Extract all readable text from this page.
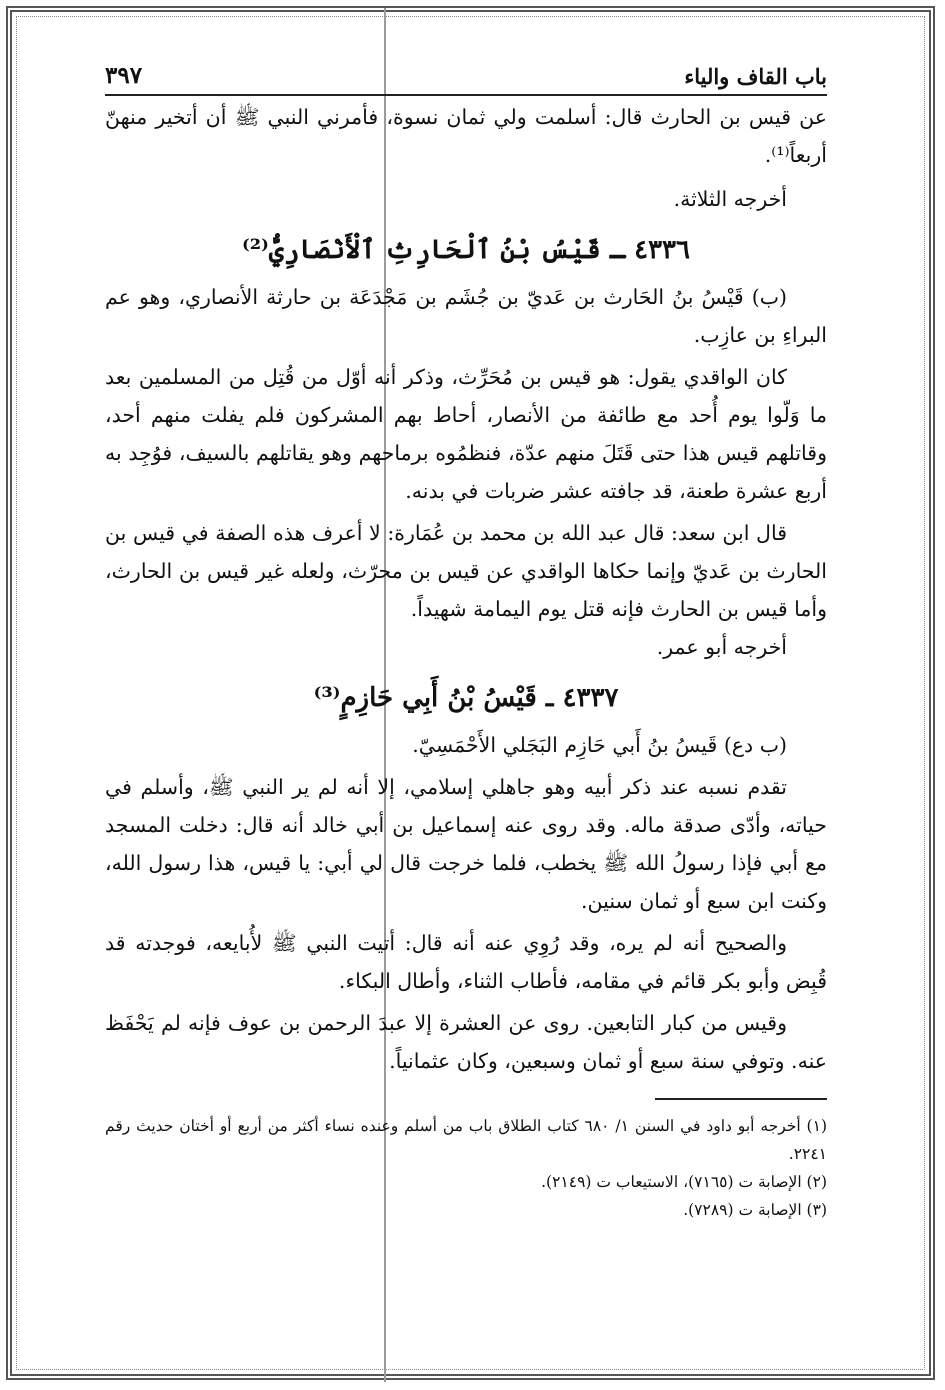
باب القاف والياء
٣٩٧

عن قيس بن الحارث قال: أسلمت ولي ثمان نسوة، فأمرني النبي ﷺ أن أتخير منهنّ أربعاً⁽¹⁾.

أخرجه الثلاثة.

٤٣٣٦ ـ قَيْسُ بْنُ ٱلْحَارِثِ ٱلْأَنْصَارِيُّ⁽²⁾

(ب) قَيْسُ بنُ الحَارث بن عَديّ بن جُشَم بن مَجْدَعَة بن حارثة الأنصاري، وهو عم البراءِ بن عازِب.

كان الواقدي يقول: هو قيس بن مُحَرِّث، وذكر أنه أوّل من قُتِل من المسلمين بعد ما وَلّوا يوم أُحد مع طائفة من الأنصار، أحاط بهم المشركون فلم يفلت منهم أحد، وقاتلهم قيس هذا حتى قَتَلَ منهم عدّة، فنظمُوه برماحهم وهو يقاتلهم بالسيف، فوُجِد به أربع عشرة طعنة، قد جافته عشر ضربات في بدنه.

قال ابن سعد: قال عبد الله بن محمد بن عُمَارة: لا أعرف هذه الصفة في قيس بن الحارث بن عَديّ وإنما حكاها الواقدي عن قيس بن محرّث، ولعله غير قيس بن الحارث، وأما قيس بن الحارث فإنه قتل يوم اليمامة شهيداً.

أخرجه أبو عمر.

٤٣٣٧ ـ قَيْسُ بْنُ أَبِي حَازِمٍ⁽³⁾

(ب دع) قَيسُ بنُ أَبي حَازِم البَجَلي الأَحْمَسِيّ.

تقدم نسبه عند ذكر أبيه وهو جاهلي إسلامي، إلا أنه لم ير النبي ﷺ، وأسلم في حياته، وأدّى صدقة ماله. وقد روى عنه إسماعيل بن أبي خالد أنه قال: دخلت المسجد مع أبي فإذا رسولُ الله ﷺ يخطب، فلما خرجت قال لي أبي: يا قيس، هذا رسول الله، وكنت ابن سبع أو ثمان سنين.

والصحيح أنه لم يره، وقد رُوِي عنه أنه قال: أتيت النبي ﷺ لأُبايعه، فوجدته قد قُبِض وأبو بكر قائم في مقامه، فأطاب الثناء، وأطال البكاء.

وقيس من كبار التابعين. روى عن العشرة إلا عبدَ الرحمن بن عوف فإنه لم يَحْفَظ عنه. وتوفي سنة سبع أو ثمان وسبعين، وكان عثمانياً.

(١) أخرجه أبو داود في السنن ١/ ٦٨٠ كتاب الطلاق باب من أسلم وعنده نساء أكثر من أربع أو أختان حديث رقم ٢٢٤١.

(٢) الإصابة ت (٧١٦٥)، الاستيعاب ت (٢١٤٩).

(٣) الإصابة ت (٧٢٨٩).
